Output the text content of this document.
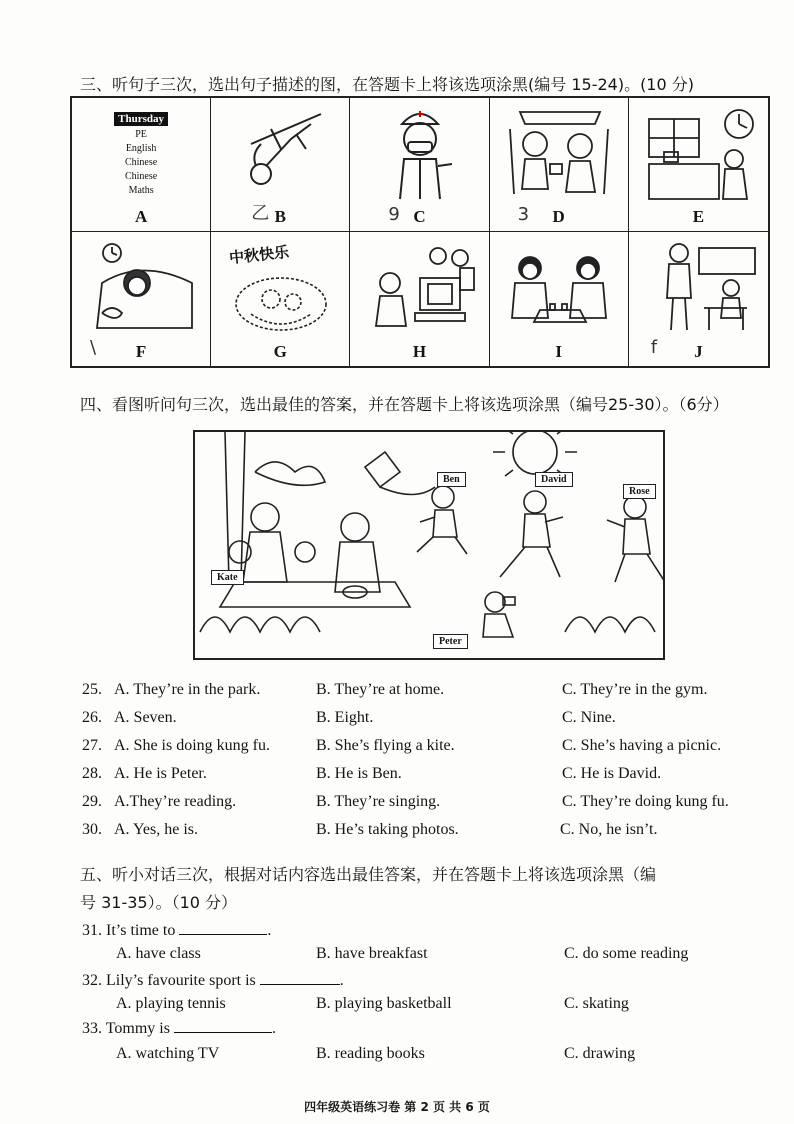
三、听句子三次，选出句子描述的图，在答题卡上将该选项涂黑(编号 15-24)。(10 分)
Thursday
PE
English
Chinese
Chinese
Maths
A	乙 B	9 C	3	D	E
\	F
中秋快乐
G	H	I	f	J
四、看图听问句三次，选出最佳的答案，并在答题卡上将该选项涂黑（编号25-30）。（6分）
Ben	David
Rose
Kate
Peter
25. A. They’re in the park.	B. They’re at home.	C. They’re in the gym.
26. A. Seven.	B. Eight.	C. Nine.
27. A. She is doing kung fu.	B. She’s flying a kite.	C. She’s having a picnic.
28. A. He is Peter.	B. He is Ben.	C. He is David.
29. A.They’re reading.	B. They’re singing.	C. They’re doing kung fu.
30. A. Yes, he is.	B. He’s taking photos.	C. No, he isn’t.
五、听小对话三次，根据对话内容选出最佳答案，并在答题卡上将该选项涂黑（编
号 31-35）。（10 分）
31. It’s time to	.
A. have class	B. have breakfast	C. do some reading
32. Lily’s favourite sport is	.
A. playing tennis	B. playing basketball	C. skating
33. Tommy is	.
A. watching TV	B. reading books	C. drawing
四年级英语练习卷 第 2 页 共 6 页
